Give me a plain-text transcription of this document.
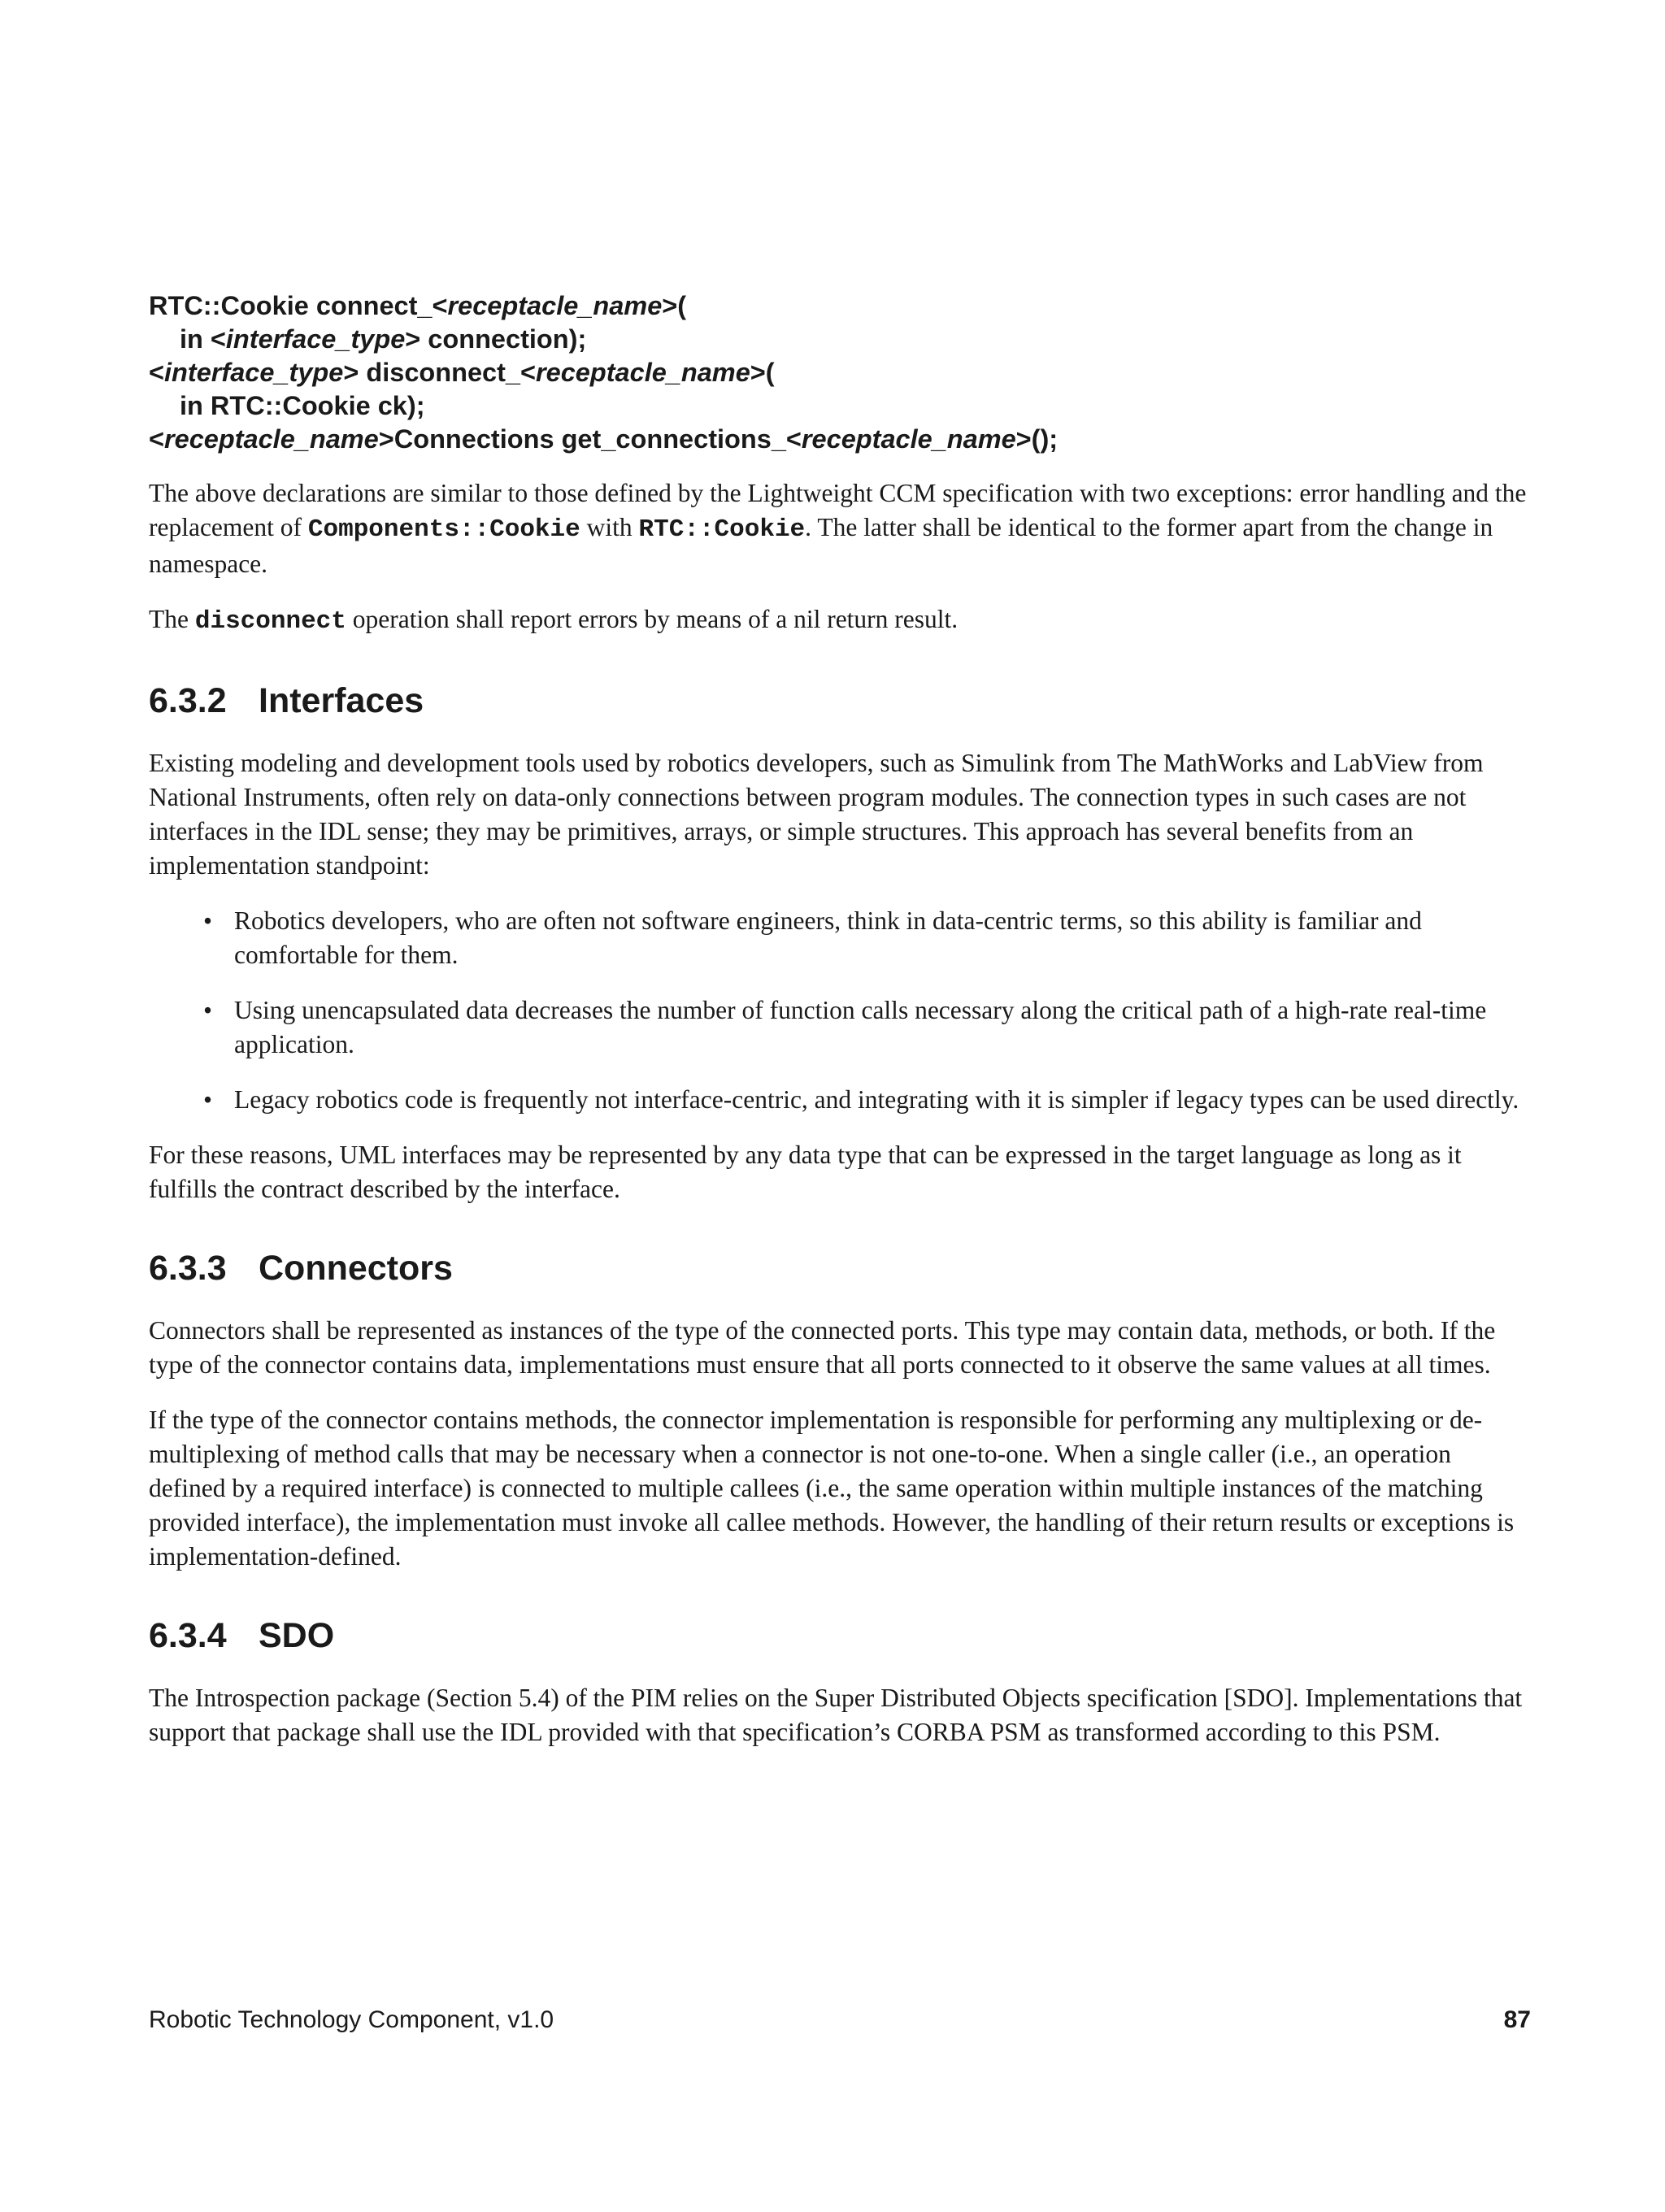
RTC::Cookie connect_<receptacle_name>(
in <interface_type> connection);
<interface_type> disconnect_<receptacle_name>(
in RTC::Cookie ck);
<receptacle_name>Connections get_connections_<receptacle_name>();

The above declarations are similar to those defined by the Lightweight CCM specification with two exceptions: error handling and the replacement of Components::Cookie with RTC::Cookie. The latter shall be identical to the former apart from the change in namespace.

The disconnect operation shall report errors by means of a nil return result.

6.3.2 Interfaces

Existing modeling and development tools used by robotics developers, such as Simulink from The MathWorks and LabView from National Instruments, often rely on data-only connections between program modules. The connection types in such cases are not interfaces in the IDL sense; they may be primitives, arrays, or simple structures. This approach has several benefits from an implementation standpoint:

• Robotics developers, who are often not software engineers, think in data-centric terms, so this ability is familiar and comfortable for them.
• Using unencapsulated data decreases the number of function calls necessary along the critical path of a high-rate real-time application.
• Legacy robotics code is frequently not interface-centric, and integrating with it is simpler if legacy types can be used directly.

For these reasons, UML interfaces may be represented by any data type that can be expressed in the target language as long as it fulfills the contract described by the interface.

6.3.3 Connectors

Connectors shall be represented as instances of the type of the connected ports. This type may contain data, methods, or both. If the type of the connector contains data, implementations must ensure that all ports connected to it observe the same values at all times.

If the type of the connector contains methods, the connector implementation is responsible for performing any multiplexing or de-multiplexing of method calls that may be necessary when a connector is not one-to-one. When a single caller (i.e., an operation defined by a required interface) is connected to multiple callees (i.e., the same operation within multiple instances of the matching provided interface), the implementation must invoke all callee methods. However, the handling of their return results or exceptions is implementation-defined.

6.3.4 SDO

The Introspection package (Section 5.4) of the PIM relies on the Super Distributed Objects specification [SDO]. Implementations that support that package shall use the IDL provided with that specification’s CORBA PSM as transformed according to this PSM.

Robotic Technology Component, v1.0	87
